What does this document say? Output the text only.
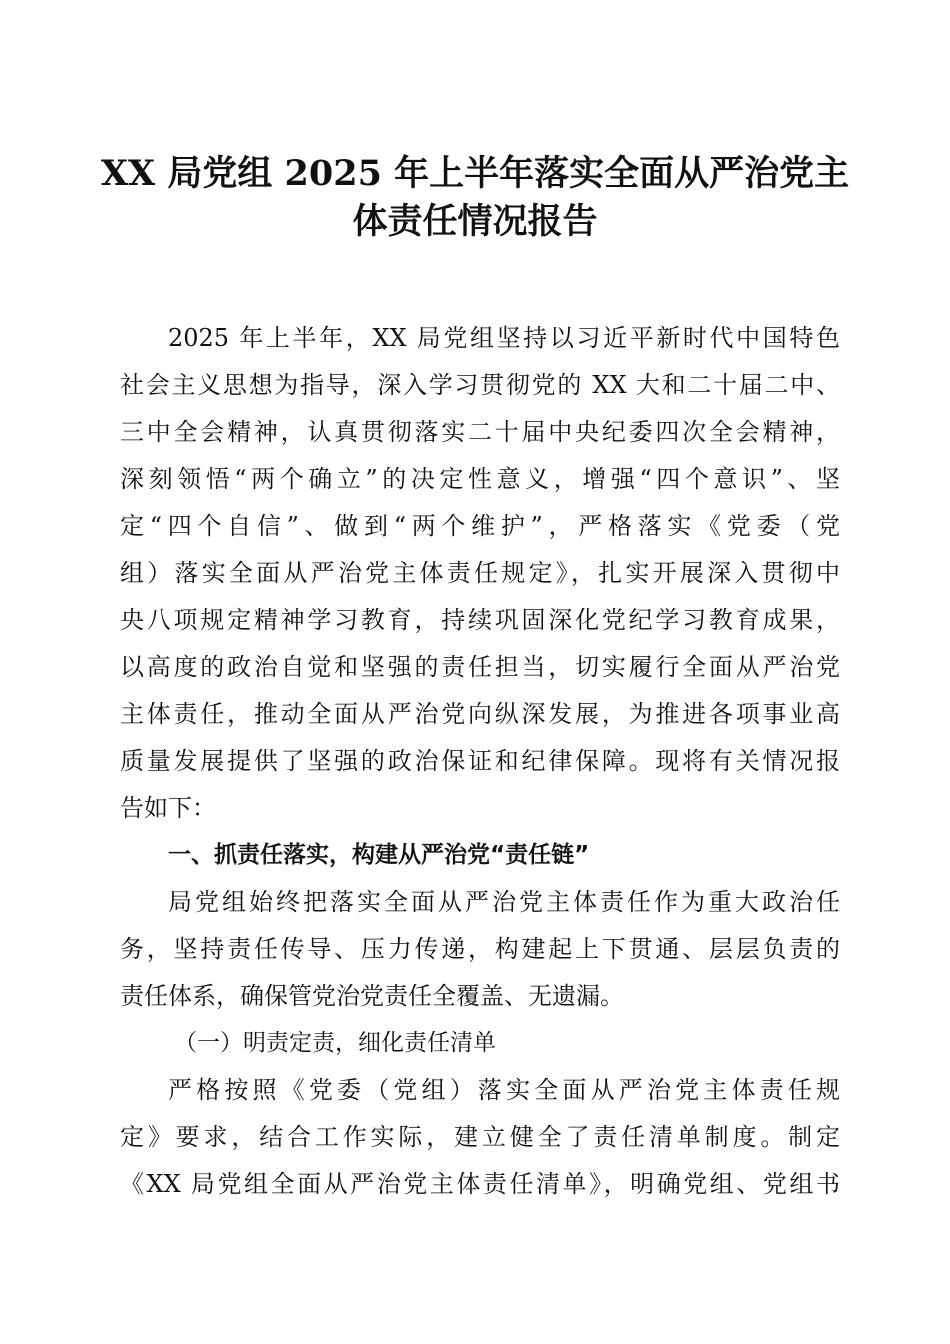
XX 局党组 2025 年上半年落实全面从严治党主
体责任情况报告
2025 年上半年，XX 局党组坚持以习近平新时代中国特色
社会主义思想为指导，深入学习贯彻党的 XX 大和二十届二中、
三中全会精神，认真贯彻落实二十届中央纪委四次全会精神，
深刻领悟“两个确立”的决定性意义，增强“四个意识”、坚
定“四个自信”、做到“两个维护”，严格落实《党委（党
组）落实全面从严治党主体责任规定》，扎实开展深入贯彻中
央八项规定精神学习教育，持续巩固深化党纪学习教育成果，
以高度的政治自觉和坚强的责任担当，切实履行全面从严治党
主体责任，推动全面从严治党向纵深发展，为推进各项事业高
质量发展提供了坚强的政治保证和纪律保障。现将有关情况报
告如下：
一、抓责任落实，构建从严治党“责任链”
局党组始终把落实全面从严治党主体责任作为重大政治任
务，坚持责任传导、压力传递，构建起上下贯通、层层负责的
责任体系，确保管党治党责任全覆盖、无遗漏。
（一）明责定责，细化责任清单
严格按照《党委（党组）落实全面从严治党主体责任规
定》要求，结合工作实际，建立健全了责任清单制度。制定
《XX 局党组全面从严治党主体责任清单》，明确党组、党组书
